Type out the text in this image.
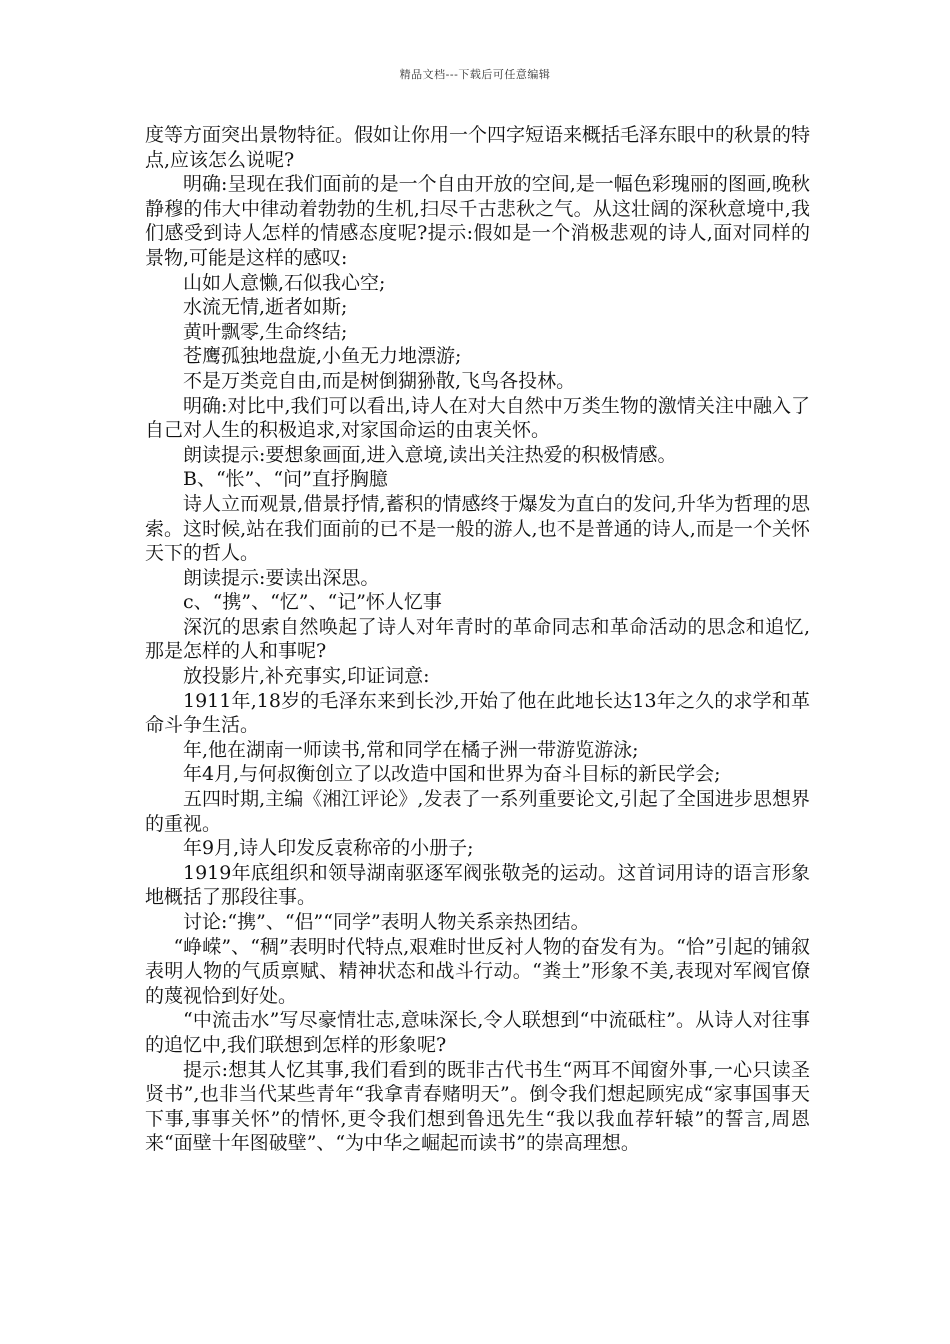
精品文档---下载后可任意编辑

度等方面突出景物特征。假如让你用一个四字短语来概括毛泽东眼中的秋景的特点,应该怎么说呢?

明确:呈现在我们面前的是一个自由开放的空间,是一幅色彩瑰丽的图画,晚秋静穆的伟大中律动着勃勃的生机,扫尽千古悲秋之气。从这壮阔的深秋意境中,我们感受到诗人怎样的情感态度呢?提示:假如是一个消极悲观的诗人,面对同样的景物,可能是这样的感叹:

山如人意懒,石似我心空;

水流无情,逝者如斯;

黄叶飘零,生命终结;

苍鹰孤独地盘旋,小鱼无力地漂游;

不是万类竞自由,而是树倒猢狲散,飞鸟各投林。

明确:对比中,我们可以看出,诗人在对大自然中万类生物的激情关注中融入了自己对人生的积极追求,对家国命运的由衷关怀。

朗读提示:要想象画面,进入意境,读出关注热爱的积极情感。

B、“怅”、“问”直抒胸臆

诗人立而观景,借景抒情,蓄积的情感终于爆发为直白的发问,升华为哲理的思索。这时候,站在我们面前的已不是一般的游人,也不是普通的诗人,而是一个关怀天下的哲人。

朗读提示:要读出深思。

c、“携”、“忆”、“记”怀人忆事

深沉的思索自然唤起了诗人对年青时的革命同志和革命活动的思念和追忆,那是怎样的人和事呢?

放投影片,补充事实,印证词意:

1911年,18岁的毛泽东来到长沙,开始了他在此地长达13年之久的求学和革命斗争生活。

年,他在湖南一师读书,常和同学在橘子洲一带游览游泳;

年4月,与何叔衡创立了以改造中国和世界为奋斗目标的新民学会;

五四时期,主编《湘江评论》,发表了一系列重要论文,引起了全国进步思想界的重视。

年9月,诗人印发反袁称帝的小册子;

1919年底组织和领导湖南驱逐军阀张敬尧的运动。这首词用诗的语言形象地概括了那段往事。

讨论:“携”、“侣”“同学”表明人物关系亲热团结。

“峥嵘”、“稠”表明时代特点,艰难时世反衬人物的奋发有为。“恰”引起的铺叙表明人物的气质禀赋、精神状态和战斗行动。“粪土”形象不美,表现对军阀官僚的蔑视恰到好处。

“中流击水”写尽豪情壮志,意味深长,令人联想到“中流砥柱”。从诗人对往事的追忆中,我们联想到怎样的形象呢?

提示:想其人忆其事,我们看到的既非古代书生“两耳不闻窗外事,一心只读圣贤书”,也非当代某些青年“我拿青春赌明天”。倒令我们想起顾宪成“家事国事天下事,事事关怀”的情怀,更令我们想到鲁迅先生“我以我血荐轩辕”的誓言,周恩来“面壁十年图破壁”、“为中华之崛起而读书”的崇高理想。
